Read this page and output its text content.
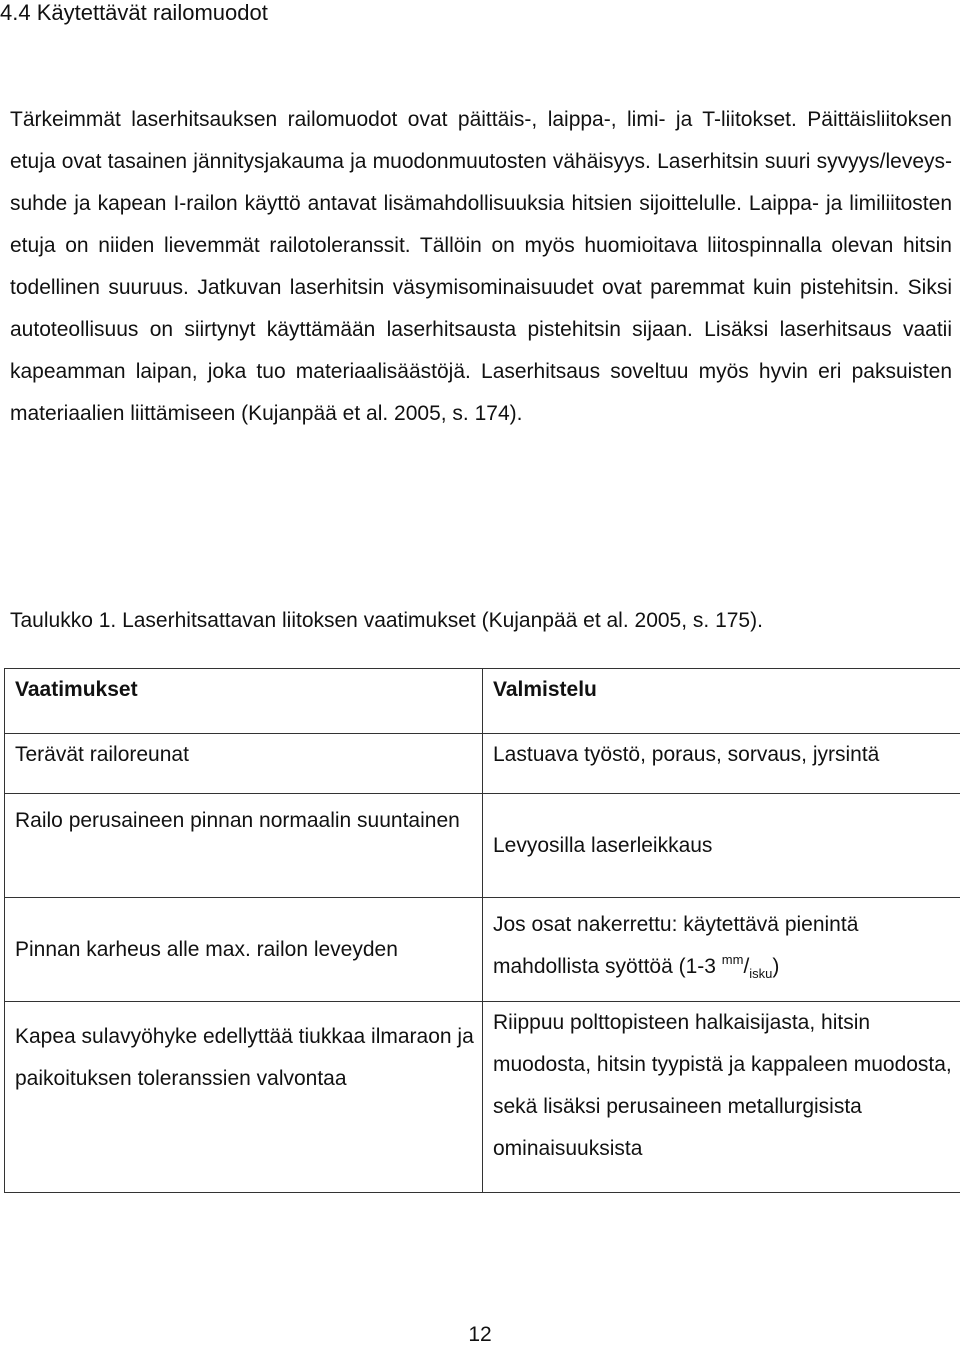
4.4 Käytettävät railomuodot

Tärkeimmät laserhitsauksen railomuodot ovat päittäis-, laippa-, limi- ja T-liitokset. Päittäisliitoksen etuja ovat tasainen jännitysjakauma ja muodonmuutosten vähäisyys. Laserhitsin suuri syvyys/leveys-suhde ja kapean I-railon käyttö antavat lisämahdollisuuksia hitsien sijoittelulle. Laippa- ja limiliitosten etuja on niiden lievemmät railotoleranssit. Tällöin on myös huomioitava liitospinnalla olevan hitsin todellinen suuruus. Jatkuvan laserhitsin väsymisominaisuudet ovat paremmat kuin pistehitsin. Siksi autoteollisuus on siirtynyt käyttämään laserhitsausta pistehitsin sijaan. Lisäksi laserhitsaus vaatii kapeamman laipan, joka tuo materiaalisäästöjä. Laserhitsaus soveltuu myös hyvin eri paksuisten materiaalien liittämiseen (Kujanpää et al. 2005, s. 174).

Taulukko 1. Laserhitsattavan liitoksen vaatimukset (Kujanpää et al. 2005, s. 175).

Vaatimukset	Valmistelu
Terävät railoreunat	Lastuava työstö, poraus, sorvaus, jyrsintä
Railo perusaineen pinnan normaalin suuntainen	Levyosilla laserleikkaus
Pinnan karheus alle max. railon leveyden	Jos osat nakerrettu: käytettävä pienintä mahdollista syöttöä (1-3 $^{mm}/_{isku}$)
Kapea sulavyöhyke edellyttää tiukkaa ilmaraon ja paikoituksen toleranssien valvontaa	Riippuu polttopisteen halkaisijasta, hitsin muodosta, hitsin tyypistä ja kappaleen muodosta, sekä lisäksi perusaineen metallurgisista ominaisuuksista

12
